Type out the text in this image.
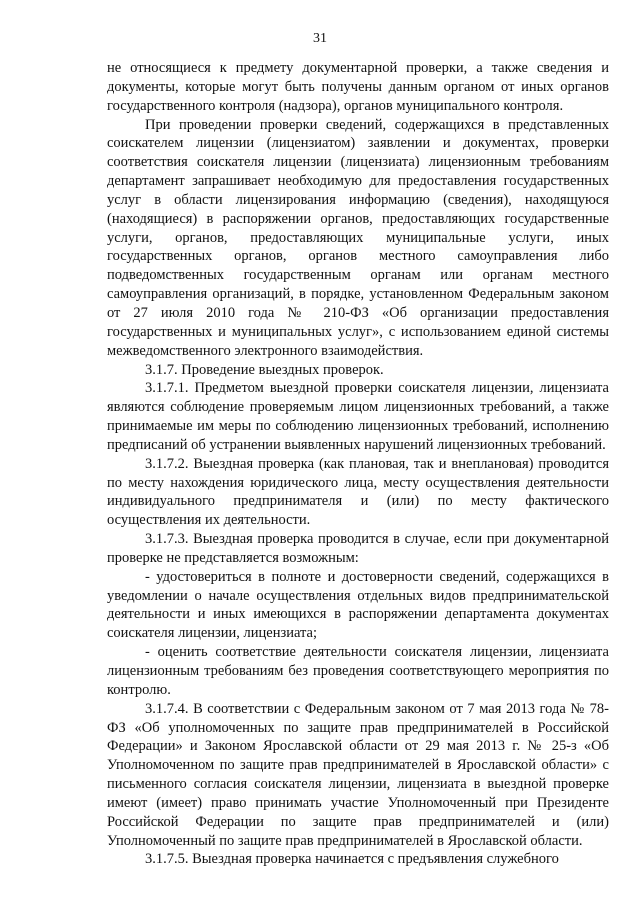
31

не относящиеся к предмету документарной проверки, а также сведения и документы, которые могут быть получены данным органом от иных органов государственного контроля (надзора), органов муниципального контроля.

При проведении проверки сведений, содержащихся в представленных соискателем лицензии (лицензиатом) заявлении и документах, проверки соответствия соискателя лицензии (лицензиата) лицензионным требованиям департамент запрашивает необходимую для предоставления государственных услуг в области лицензирования информацию (сведения), находящуюся (находящиеся) в распоряжении органов, предоставляющих государственные услуги, органов, предоставляющих муниципальные услуги, иных государственных органов, органов местного самоуправления либо подведомственных государственным органам или органам местного самоуправления организаций, в порядке, установленном Федеральным законом от 27 июля 2010 года № 210-ФЗ «Об организации предоставления государственных и муниципальных услуг», с использованием единой системы межведомственного электронного взаимодействия.

3.1.7. Проведение выездных проверок.

3.1.7.1. Предметом выездной проверки соискателя лицензии, лицензиата являются соблюдение проверяемым лицом лицензионных требований, а также принимаемые им меры по соблюдению лицензионных требований, исполнению предписаний об устранении выявленных нарушений лицензионных требований.

3.1.7.2. Выездная проверка (как плановая, так и внеплановая) проводится по месту нахождения юридического лица, месту осуществления деятельности индивидуального предпринимателя и (или) по месту фактического осуществления их деятельности.

3.1.7.3. Выездная проверка проводится в случае, если при документарной проверке не представляется возможным:

- удостовериться в полноте и достоверности сведений, содержащихся в уведомлении о начале осуществления отдельных видов предпринимательской деятельности и иных имеющихся в распоряжении департамента документах соискателя лицензии, лицензиата;

- оценить соответствие деятельности соискателя лицензии, лицензиата лицензионным требованиям без проведения соответствующего мероприятия по контролю.

3.1.7.4. В соответствии с Федеральным законом от 7 мая 2013 года № 78-ФЗ «Об уполномоченных по защите прав предпринимателей в Российской Федерации» и Законом Ярославской области от 29 мая 2013 г. № 25-з «Об Уполномоченном по защите прав предпринимателей в Ярославской области» с письменного согласия соискателя лицензии, лицензиата в выездной проверке имеют (имеет) право принимать участие Уполномоченный при Президенте Российской Федерации по защите прав предпринимателей и (или) Уполномоченный по защите прав предпринимателей в Ярославской области.

3.1.7.5. Выездная проверка начинается с предъявления служебного
